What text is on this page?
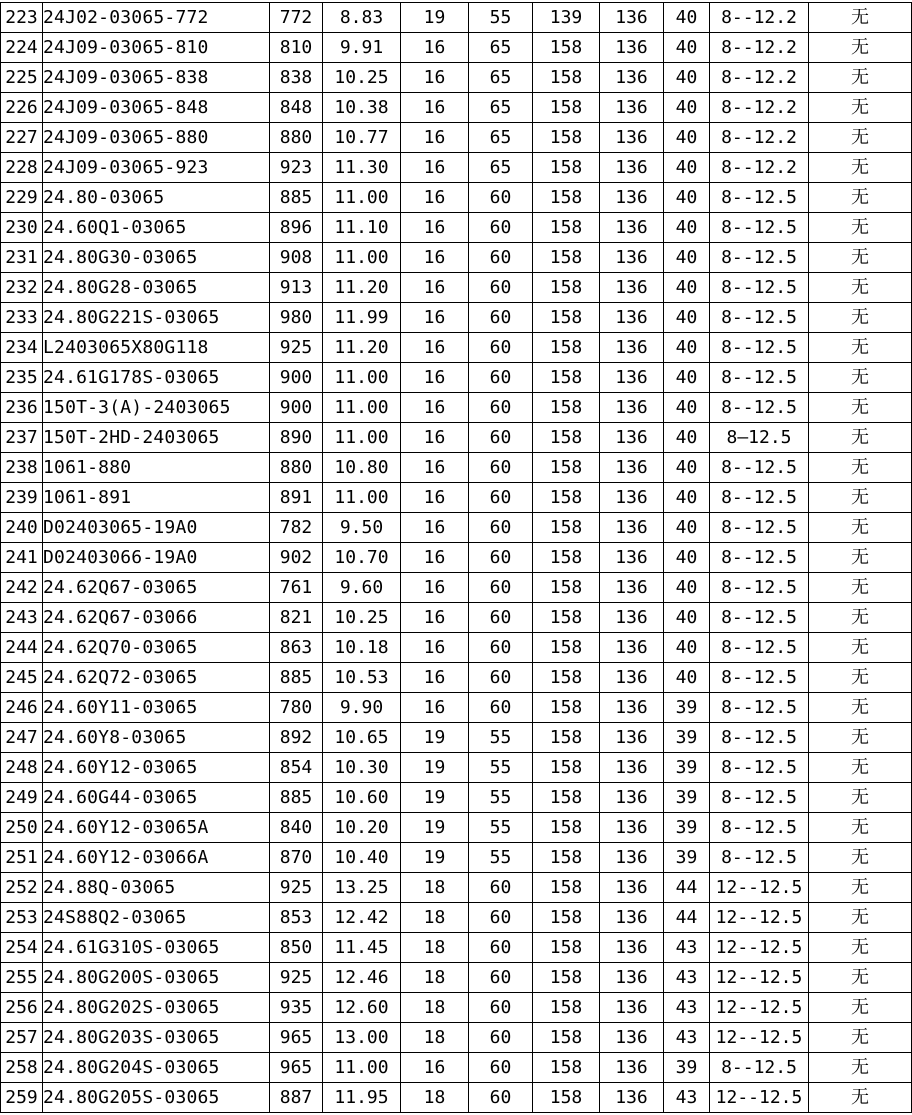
223	24J02-03065-772	772	8.83	19	55	139	136	40	8--12.2	无
224	24J09-03065-810	810	9.91	16	65	158	136	40	8--12.2	无
225	24J09-03065-838	838	10.25	16	65	158	136	40	8--12.2	无
226	24J09-03065-848	848	10.38	16	65	158	136	40	8--12.2	无
227	24J09-03065-880	880	10.77	16	65	158	136	40	8--12.2	无
228	24J09-03065-923	923	11.30	16	65	158	136	40	8--12.2	无
229	24.80-03065	885	11.00	16	60	158	136	40	8--12.5	无
230	24.60Q1-03065	896	11.10	16	60	158	136	40	8--12.5	无
231	24.80G30-03065	908	11.00	16	60	158	136	40	8--12.5	无
232	24.80G28-03065	913	11.20	16	60	158	136	40	8--12.5	无
233	24.80G221S-03065	980	11.99	16	60	158	136	40	8--12.5	无
234	L2403065X80G118	925	11.20	16	60	158	136	40	8--12.5	无
235	24.61G178S-03065	900	11.00	16	60	158	136	40	8--12.5	无
236	150T-3(A)-2403065	900	11.00	16	60	158	136	40	8--12.5	无
237	150T-2HD-2403065	890	11.00	16	60	158	136	40	8—12.5	无
238	1061-880	880	10.80	16	60	158	136	40	8--12.5	无
239	1061-891	891	11.00	16	60	158	136	40	8--12.5	无
240	D02403065-19A0	782	9.50	16	60	158	136	40	8--12.5	无
241	D02403066-19A0	902	10.70	16	60	158	136	40	8--12.5	无
242	24.62Q67-03065	761	9.60	16	60	158	136	40	8--12.5	无
243	24.62Q67-03066	821	10.25	16	60	158	136	40	8--12.5	无
244	24.62Q70-03065	863	10.18	16	60	158	136	40	8--12.5	无
245	24.62Q72-03065	885	10.53	16	60	158	136	40	8--12.5	无
246	24.60Y11-03065	780	9.90	16	60	158	136	39	8--12.5	无
247	24.60Y8-03065	892	10.65	19	55	158	136	39	8--12.5	无
248	24.60Y12-03065	854	10.30	19	55	158	136	39	8--12.5	无
249	24.60G44-03065	885	10.60	19	55	158	136	39	8--12.5	无
250	24.60Y12-03065A	840	10.20	19	55	158	136	39	8--12.5	无
251	24.60Y12-03066A	870	10.40	19	55	158	136	39	8--12.5	无
252	24.88Q-03065	925	13.25	18	60	158	136	44	12--12.5	无
253	24S88Q2-03065	853	12.42	18	60	158	136	44	12--12.5	无
254	24.61G310S-03065	850	11.45	18	60	158	136	43	12--12.5	无
255	24.80G200S-03065	925	12.46	18	60	158	136	43	12--12.5	无
256	24.80G202S-03065	935	12.60	18	60	158	136	43	12--12.5	无
257	24.80G203S-03065	965	13.00	18	60	158	136	43	12--12.5	无
258	24.80G204S-03065	965	11.00	16	60	158	136	39	8--12.5	无
259	24.80G205S-03065	887	11.95	18	60	158	136	43	12--12.5	无
